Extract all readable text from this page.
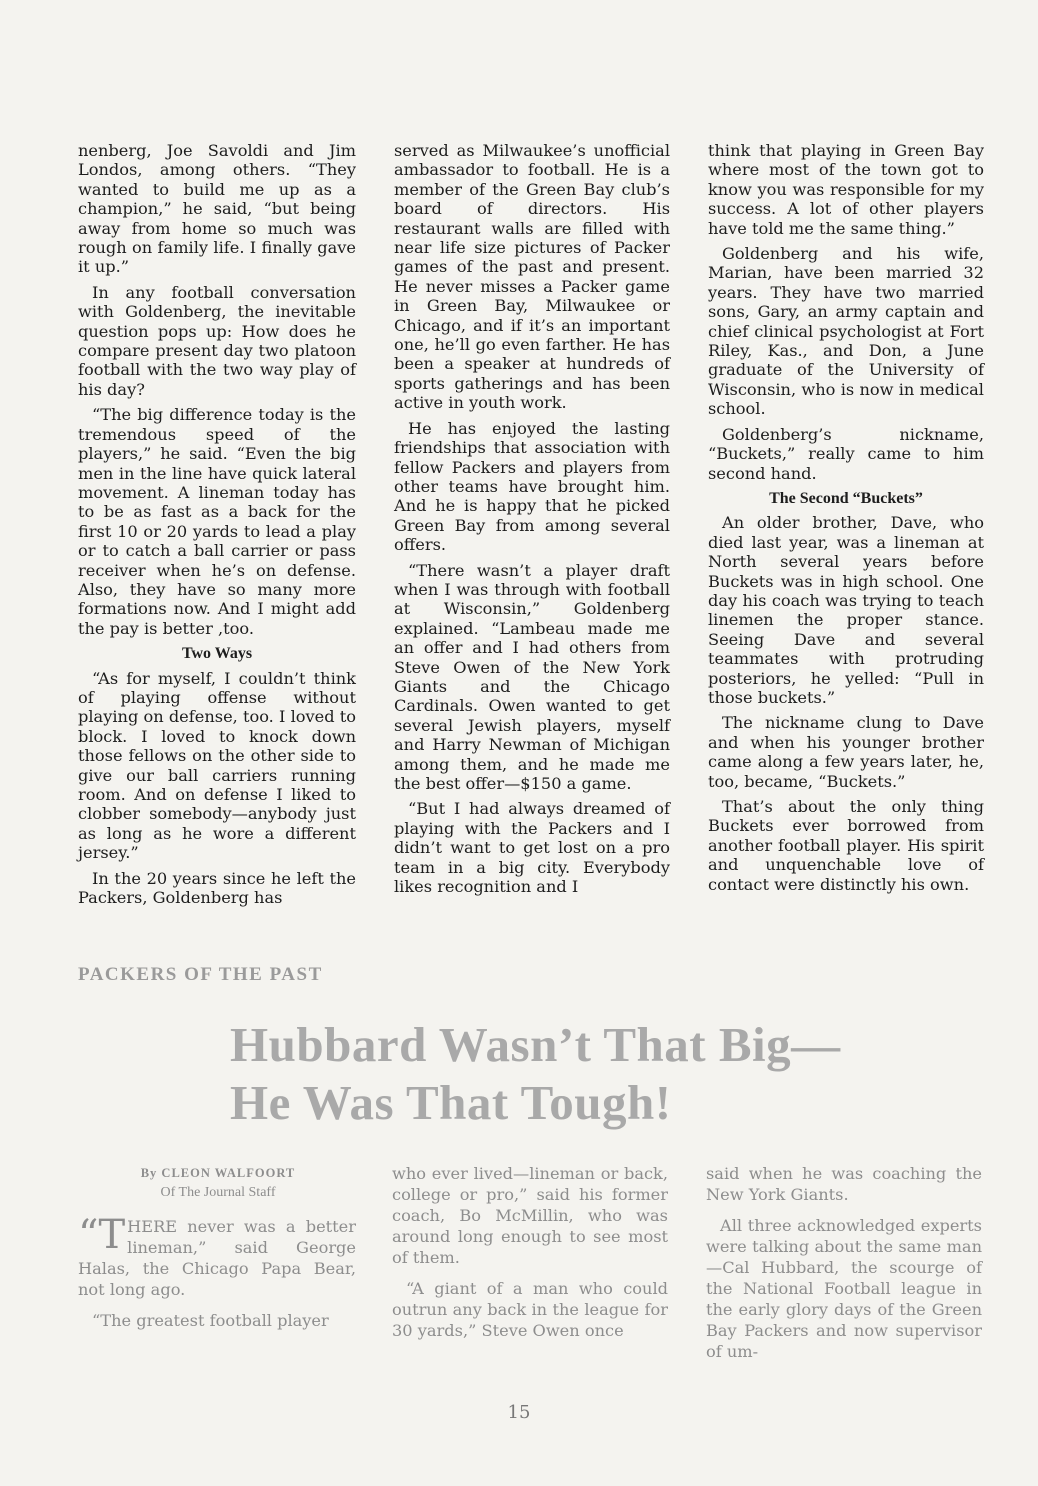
nenberg, Joe Savoldi and Jim Londos, among others. “They wanted to build me up as a champion,” he said, “but being away from home so much was rough on family life. I finally gave it up.”

In any football conversation with Goldenberg, the inevitable question pops up: How does he compare present day two platoon football with the two way play of his day?

“The big difference today is the tremendous speed of the players,” he said. “Even the big men in the line have quick lateral movement. A lineman today has to be as fast as a back for the first 10 or 20 yards to lead a play or to catch a ball carrier or pass receiver when he’s on defense. Also, they have so many more formations now. And I might add the pay is better ,too.

Two Ways

“As for myself, I couldn’t think of playing offense without playing on defense, too. I loved to block. I loved to knock down those fellows on the other side to give our ball carriers running room. And on defense I liked to clobber somebody—anybody just as long as he wore a different jersey.”

In the 20 years since he left the Packers, Goldenberg has

served as Milwaukee’s unofficial ambassador to football. He is a member of the Green Bay club’s board of directors. His restaurant walls are filled with near life size pictures of Packer games of the past and present. He never misses a Packer game in Green Bay, Milwaukee or Chicago, and if it’s an important one, he’ll go even farther. He has been a speaker at hundreds of sports gatherings and has been active in youth work.

He has enjoyed the lasting friendships that association with fellow Packers and players from other teams have brought him. And he is happy that he picked Green Bay from among several offers.

“There wasn’t a player draft when I was through with football at Wisconsin,” Goldenberg explained. “Lambeau made me an offer and I had others from Steve Owen of the New York Giants and the Chicago Cardinals. Owen wanted to get several Jewish players, myself and Harry Newman of Michigan among them, and he made me the best offer—$150 a game.

“But I had always dreamed of playing with the Packers and I didn’t want to get lost on a pro team in a big city. Everybody likes recognition and I

think that playing in Green Bay where most of the town got to know you was responsible for my success. A lot of other players have told me the same thing.”

Goldenberg and his wife, Marian, have been married 32 years. They have two married sons, Gary, an army captain and chief clinical psychologist at Fort Riley, Kas., and Don, a June graduate of the University of Wisconsin, who is now in medical school.

Goldenberg’s nickname, “Buckets,” really came to him second hand.

The Second “Buckets”

An older brother, Dave, who died last year, was a lineman at North several years before Buckets was in high school. One day his coach was trying to teach linemen the proper stance. Seeing Dave and several teammates with protruding posteriors, he yelled: “Pull in those buckets.”

The nickname clung to Dave and when his younger brother came along a few years later, he, too, became, “Buckets.”

That’s about the only thing Buckets ever borrowed from another football player. His spirit and unquenchable love of contact were distinctly his own.

PACKERS OF THE PAST
Hubbard Wasn’t That Big—
He Was That Tough!
By CLEON WALFOORT
Of The Journal Staff

“THERE never was a better lineman,” said George Halas, the Chicago Papa Bear, not long ago.

“The greatest football player

who ever lived—lineman or back, college or pro,” said his former coach, Bo McMillin, who was around long enough to see most of them.

“A giant of a man who could outrun any back in the league for 30 yards,” Steve Owen once

said when he was coaching the New York Giants.

All three acknowledged experts were talking about the same man—Cal Hubbard, the scourge of the National Football league in the early glory days of the Green Bay Packers and now supervisor of um-

15
